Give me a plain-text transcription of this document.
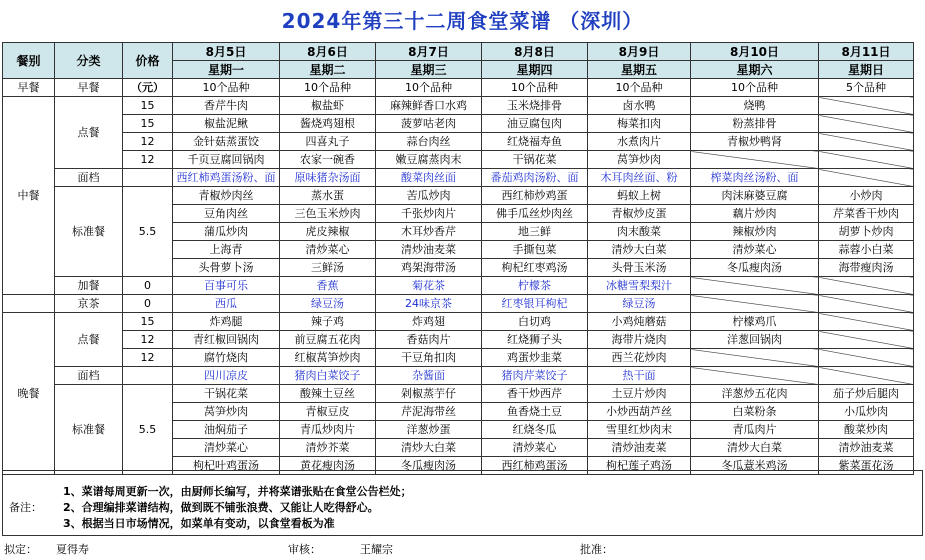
2024年第三十二周食堂菜谱 （深圳）
餐别	分类	价格	8月5日	8月6日	8月7日	8月8日	8月9日	8月10日	8月11日
			星期一	星期二	星期三	星期四	星期五	星期六	星期日
早餐	早餐	（元）	10个品种	10个品种	10个品种	10个品种	10个品种	10个品种	5个品种
中餐	点餐	15	香芹牛肉	椒盐虾	麻辣鲜香口水鸡	玉米烧排骨	卤水鸭	烧鸭	
		15	椒盐泥鳅	酱烧鸡翅根	菠萝咕老肉	油豆腐包肉	梅菜扣肉	粉蒸排骨	
		12	金针菇蒸蛋饺	四喜丸子	蒜台肉丝	红烧福寿鱼	水煮肉片	青椒炒鸭肾	
		12	千页豆腐回锅肉	农家一碗香	嫩豆腐蒸肉末	干锅花菜	莴笋炒肉		
	面档		西红柿鸡蛋汤粉、面	原味猪杂汤面	酸菜肉丝面	番茄鸡肉汤粉、面	木耳肉丝面、粉	榨菜肉丝汤粉、面	
	标准餐	5.5	青椒炒肉丝	蒸水蛋	苦瓜炒肉	西红柿炒鸡蛋	蚂蚁上树	肉沫麻婆豆腐	小炒肉
			豆角肉丝	三色玉米炒肉	千张炒肉片	佛手瓜丝炒肉丝	青椒炒皮蛋	藕片炒肉	芹菜香干炒肉
			蒲瓜炒肉	虎皮辣椒	木耳炒香芹	地三鲜	肉末酸菜	辣椒炒肉	胡萝卜炒肉
			上海青	清炒菜心	清炒油麦菜	手撕包菜	清炒大白菜	清炒菜心	蒜蓉小白菜
			头骨萝卜汤	三鲜汤	鸡架海带汤	枸杞红枣鸡汤	头骨玉米汤	冬瓜瘦肉汤	海带瘦肉汤
	加餐	0	百事可乐	香蕉	菊花茶	柠檬茶	冰糖雪梨梨汁		
	京茶	0	西瓜	绿豆汤	24味京茶	红枣银耳枸杞	绿豆汤		
晚餐	点餐	15	炸鸡腿	辣子鸡	炸鸡翅	白切鸡	小鸡炖蘑菇	柠檬鸡爪	
		12	青红椒回锅肉	前豆腐五花肉	香菇肉片	红烧狮子头	海带片烧肉	洋葱回锅肉	
		12	腐竹烧肉	红椒莴笋炒肉	干豆角扣肉	鸡蛋炒韭菜	西兰花炒肉		
	面档		四川凉皮	猪肉白菜饺子	杂酱面	猪肉芹菜饺子	热干面		
	标准餐	5.5	干锅花菜	酸辣土豆丝	剁椒蒸芋仔	香干炒西芹	土豆片炒肉	洋葱炒五花肉	茄子炒后腿肉
			莴笋炒肉	青椒豆皮	芹泥海带丝	鱼香烧土豆	小炒西葫芦丝	白菜粉条	小瓜炒肉
			油焖茄子	青瓜炒肉片	洋葱炒蛋	红烧冬瓜	雪里红炒肉末	青瓜肉片	酸菜炒肉
			清炒菜心	清炒芥菜	清炒大白菜	清炒菜心	清炒油麦菜	清炒大白菜	清炒油麦菜
			枸杞叶鸡蛋汤	黄花瘦肉汤	冬瓜瘦肉汤	西红柿鸡蛋汤	枸杞莲子鸡汤	冬瓜薏米鸡汤	紫菜蛋花汤
备注：
1、菜谱每周更新一次，由厨师长编写，并将菜谱张贴在食堂公告栏处；
2、合理编排菜谱结构，做到既不铺张浪费、又能让人吃得舒心。
3、根据当日市场情况，如菜单有变动，以食堂看板为准
拟定： 夏得寿	审核：	王耀宗	批准：
